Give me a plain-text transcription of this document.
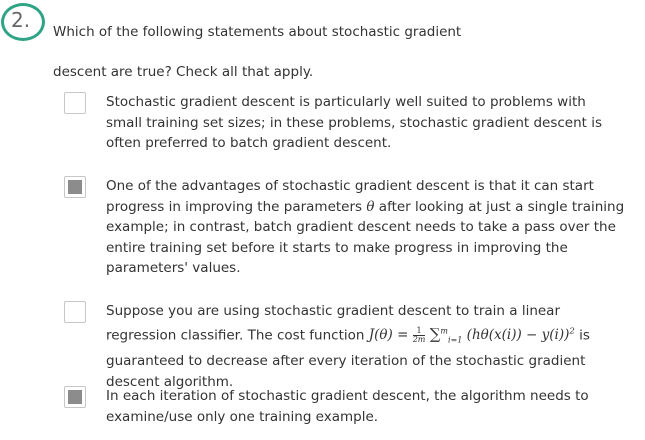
2. Which of the following statements about stochastic gradient descent are true? Check all that apply.
Stochastic gradient descent is particularly well suited to problems with small training set sizes; in these problems, stochastic gradient descent is often preferred to batch gradient descent.
One of the advantages of stochastic gradient descent is that it can start progress in improving the parameters θ after looking at just a single training example; in contrast, batch gradient descent needs to take a pass over the entire training set before it starts to make progress in improving the parameters' values.
Suppose you are using stochastic gradient descent to train a linear regression classifier. The cost function $J(\theta) = \frac{1}{2m} \sum^m_{i=1}$ $(h\theta(x(i)) - y(i))^2$ is guaranteed to decrease after every iteration of the stochastic gradient descent algorithm.
In each iteration of stochastic gradient descent, the algorithm needs to examine/use only one training example.
